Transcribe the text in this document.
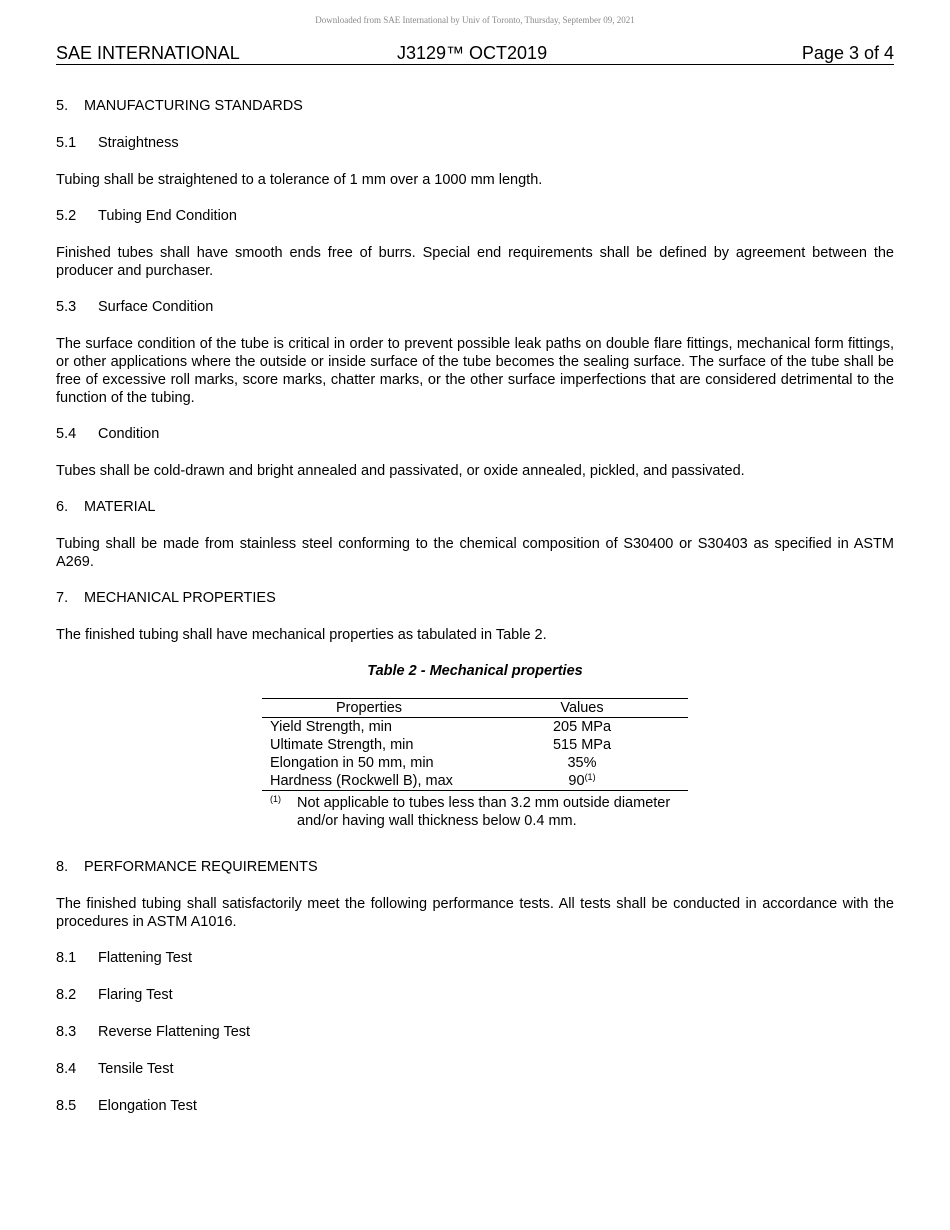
Downloaded from SAE International by Univ of Toronto, Thursday, September 09, 2021
SAE INTERNATIONAL	J3129™ OCT2019	Page 3 of 4
5. MANUFACTURING STANDARDS
5.1 Straightness

Tubing shall be straightened to a tolerance of 1 mm over a 1000 mm length.

5.2 Tubing End Condition

Finished tubes shall have smooth ends free of burrs. Special end requirements shall be defined by agreement between the producer and purchaser.

5.3 Surface Condition

The surface condition of the tube is critical in order to prevent possible leak paths on double flare fittings, mechanical form fittings, or other applications where the outside or inside surface of the tube becomes the sealing surface. The surface of the tube shall be free of excessive roll marks, score marks, chatter marks, or the other surface imperfections that are considered detrimental to the function of the tubing.

5.4 Condition

Tubes shall be cold-drawn and bright annealed and passivated, or oxide annealed, pickled, and passivated.

6. MATERIAL

Tubing shall be made from stainless steel conforming to the chemical composition of S30400 or S30403 as specified in ASTM A269.

7. MECHANICAL PROPERTIES

The finished tubing shall have mechanical properties as tabulated in Table 2.

Table 2 - Mechanical properties
Properties	Values
Yield Strength, min	205 MPa
Ultimate Strength, min	515 MPa
Elongation in 50 mm, min	35%
Hardness (Rockwell B), max	90$^{(1)}$
(1) Not applicable to tubes less than 3.2 mm outside diameter and/or having wall thickness below 0.4 mm.
8. PERFORMANCE REQUIREMENTS

The finished tubing shall satisfactorily meet the following performance tests. All tests shall be conducted in accordance with the procedures in ASTM A1016.

8.1 Flattening Test
8.2 Flaring Test
8.3 Reverse Flattening Test
8.4 Tensile Test
8.5 Elongation Test
